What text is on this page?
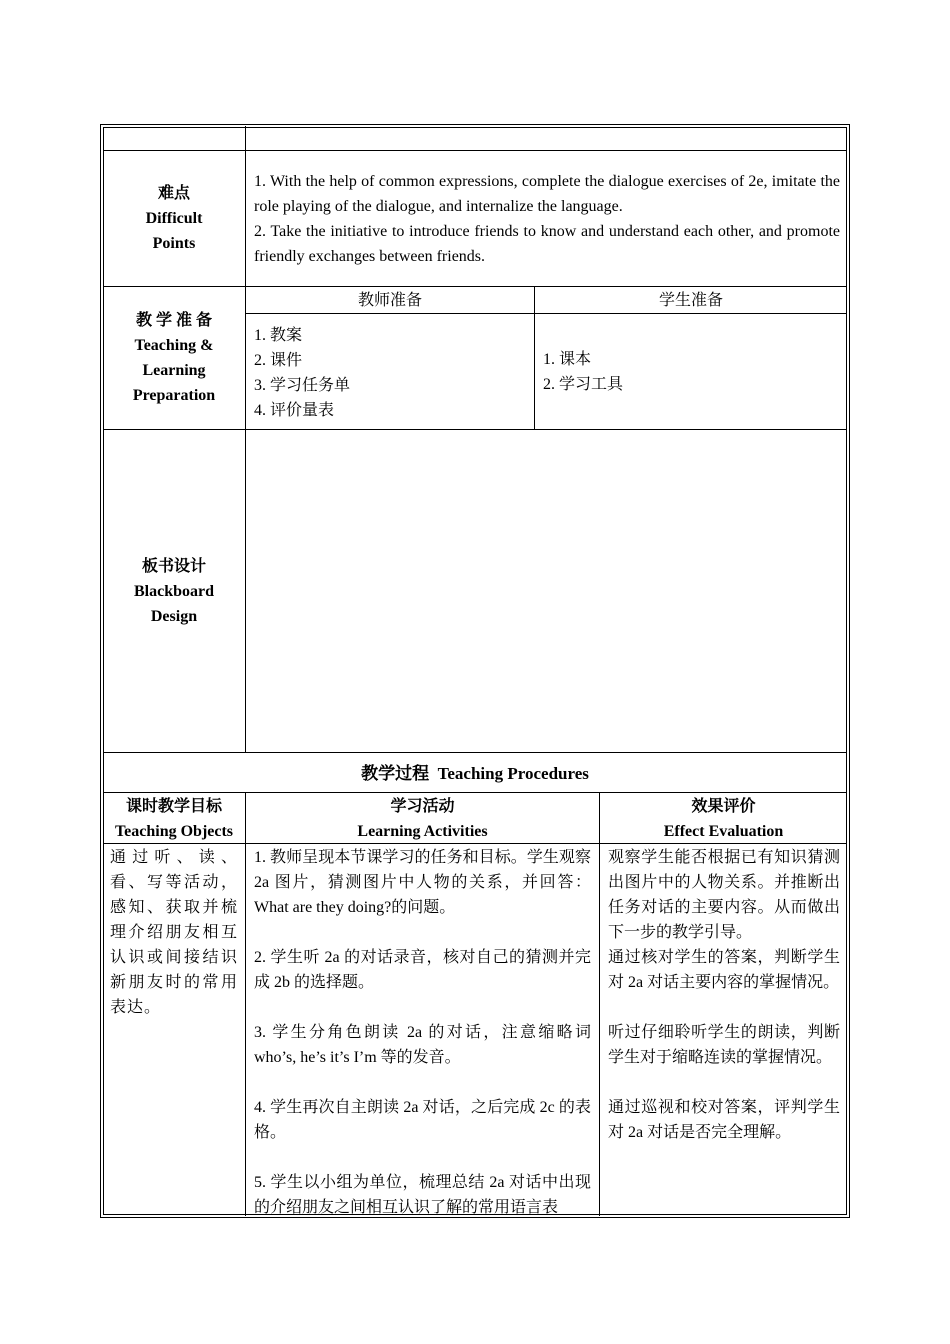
难点
Difficult
Points

1. With the help of common expressions, complete the dialogue exercises of 2e, imitate the role playing of the dialogue, and internalize the language.

2. Take the initiative to introduce friends to know and understand each other, and promote friendly exchanges between friends.

教 学 准 备
Teaching &
Learning
Preparation
教师准备	学生准备

1. 教案

2. 课件

3. 学习任务单

4. 评价量表

1. 课本

2. 学习工具

板书设计
Blackboard
Design
教学过程 Teaching Procedures

课时教学目标

Teaching Objects

学习活动

Learning Activities

效果评价

Effect Evaluation

通过听、读、看、写等活动，感知、获取并梳理介绍朋友相互认识或间接结识新朋友时的常用表达。

1. 教师呈现本节课学习的任务和目标。学生观察 2a 图片，猜测图片中人物的关系，并回答：What are they doing?的问题。

2. 学生听 2a 的对话录音，核对自己的猜测并完成 2b 的选择题。

3. 学生分角色朗读 2a 的对话，注意缩略词 who’s, he’s it’s I’m 等的发音。

4. 学生再次自主朗读 2a 对话，之后完成 2c 的表格。

5. 学生以小组为单位，梳理总结 2a 对话中出现的介绍朋友之间相互认识了解的常用语言表

观察学生能否根据已有知识猜测出图片中的人物关系。并推断出任务对话的主要内容。从而做出下一步的教学引导。

通过核对学生的答案，判断学生对 2a 对话主要内容的掌握情况。

听过仔细聆听学生的朗读，判断学生对于缩略连读的掌握情况。

通过巡视和校对答案，评判学生对 2a 对话是否完全理解。
